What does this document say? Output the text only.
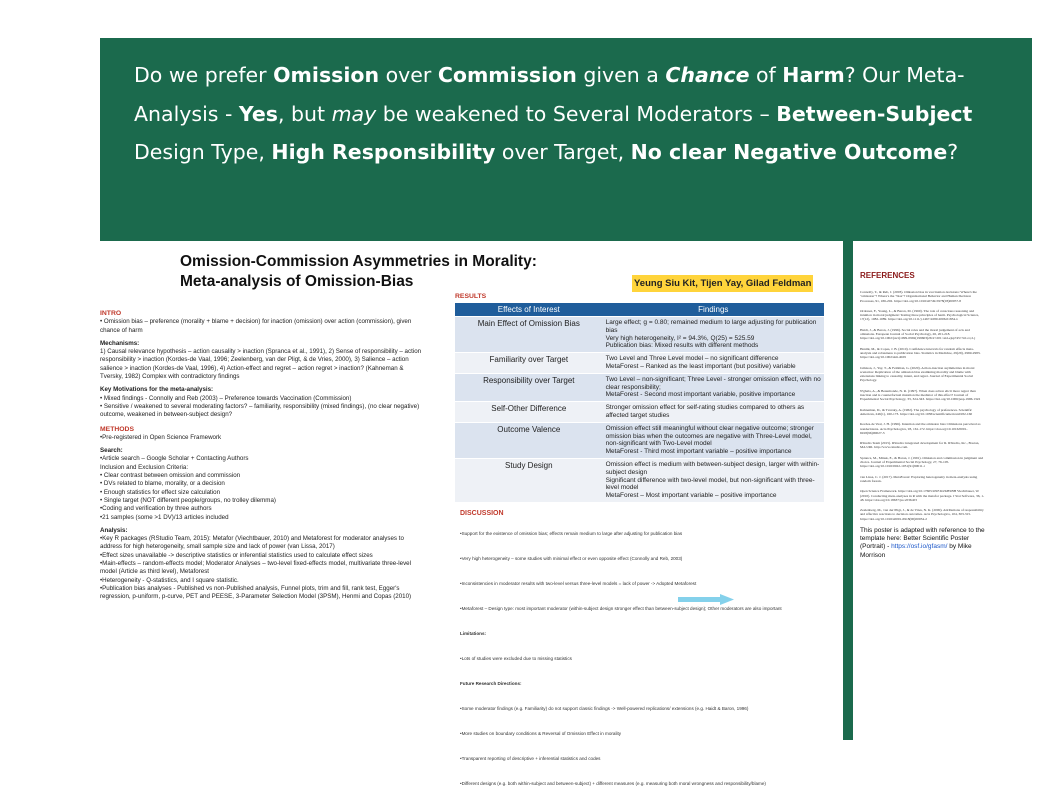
Do we prefer Omission over Commission given a Chance of Harm? Our Meta-Analysis - Yes, but may be weakened to Several Moderators – Between-Subject Design Type, High Responsibility over Target, No clear Negative Outcome?
Omission-Commission Asymmetries in Morality:
Meta-analysis of Omission-Bias	Yeung Siu Kit, Tijen Yay, Gilad Feldman
INTRO

• Omission bias – preference (morality + blame + decision) for inaction (omission) over action (commission), given chance of harm

Mechanisms:

1) Causal relevance hypothesis – action causality > inaction (Spranca et al., 1991), 2) Sense of responsibility – action responsibility > inaction (Kordes-de Vaal, 1996; Zeelenberg, van der Pligt, & de Vries, 2000), 3) Salience – action salience > inaction (Kordes-de Vaal, 1996), 4) Action-effect and regret – action regret > inaction? (Kahneman & Tversky, 1982) Complex with contradictory findings

Key Motivations for the meta-analysis:

• Mixed findings - Connolly and Reb (2003) – Preference towards Vaccination (Commission)

• Sensitive / weakened to several moderating factors? – familiarity, responsibility (mixed findings), (no clear negative) outcome, weakened in between-subject design?

METHODS

•Pre-registered in Open Science Framework

Search:

•Article search – Google Scholar + Contacting Authors

Inclusion and Exclusion Criteria:

• Clear contrast between omission and commission

• DVs related to blame, morality, or a decision

• Enough statistics for effect size calculation

• Single target (NOT different people/groups, no trolley dilemma)

•Coding and verification by three authors

•21 samples (some >1 DV)/13 articles included

Analysis:

•Key R packages (RStudio Team, 2015): Metafor (Viechtbauer, 2010) and Metaforest for moderator analyses to address for high heterogeneity, small sample size and lack of power (van Lissa, 2017)

•Effect sizes unavailable -> descriptive statistics or inferential statistics used to calculate effect sizes

•Main-effects – random-effects model; Moderator Analyses – two-level fixed-effects model, multivariate three-level model (Article as third level), Metaforest

•Heterogeneity - Q-statistics, and I square statistic.

•Publication bias analyses - Published vs non-Published analysis, Funnel plots, trim and fill, rank test, Egger's regression, p-uniform, p-curve, PET and PEESE, 3-Parameter Selection Model (3PSM), Henmi and Copas (2010)

RESULTS
Effects of Interest	Findings
Main Effect of Omission Bias	Large effect; g = 0.80; remained medium to large adjusting for publication bias
Very high heterogeneity, I² = 94.3%, Q(25) = 525.59
Publication bias: Mixed results with different methods
Familiarity over Target	Two Level and Three Level model – no significant difference
MetaForest – Ranked as the least important (but positive) variable
Responsibility over Target	Two Level – non-significant; Three Level - stronger omission effect, with no clear responsibility;
MetaForest - Second most important variable, positive importance
Self-Other Difference	Stronger omission effect for self-rating studies compared to others as affected target studies
Outcome Valence	Omission effect still meaningful without clear negative outcome; stronger omission bias when the outcomes are negative with Three-Level model, non-significant with Two-Level model
MetaForest - Third most important variable – positive importance
Study Design	Omission effect is medium with between-subject design, larger with within-subject design
Significant difference with two-level model, but non-significant with three-level model
MetaForest – Most important variable – positive importance
DISCUSSION
•Support for the existence of omission bias; effects remain medium to large after adjusting for publication bias
•Very high heterogeneity – some studies with minimal effect or even opposite effect (Connolly and Reb, 2003)
•Inconsistencies in moderator results with two-level versus three-level models = lack of power -> Adopted Metaforest
•Metaforest – Design type: most important moderator (within-subject design stronger effect than between-subject design); Other moderators are also important
Limitations:
•Lots of studies were excluded due to missing statistics
Future Research Directions:
•Some moderator findings (e.g. Familiarity) do not support classic findings -> Well-powered replications/ extensions (e.g. Haidt & Baron, 1996)
•More studies on boundary conditions & Reversal of Omission Effect in morality
•Transparent reporting of descriptive + inferential statistics and codes
•Different designs (e.g. both within-subject and between-subject) + different measures (e.g. measuring both moral wrongness and responsibility/blame)
REFERENCES
Connolly, T., & Reb, J. (2003). Omission bias in vaccination decisions: Where's the "omission"? Where's the "bias"? Organizational Behavior and Human Decision Processes, 91, 186-202. https://doi.org/10.1016/s0749-5978(03)00057-8
Ordonez, F., Young, L., & Baron, M. (1960). The role of conscious reasoning and intuition in moral judgment: Testing three principles of harm. Psychological Science, 17(12), 1082-1089. https://doi.org/10.1111/j.1467-9280.2006.01834.x
Haidt, J., & Baron, J. (1996). Social roles and the moral judgement of acts and omissions. European Journal of Social Psychology, 26, 201-218. https://doi.org/10.1002/(sici)1099-0992(199603)26:2<201::aid-ejsp745>3.0.co;2-j
Henmi, M., & Copas, J. B. (2010). Confidence intervals for random effects meta-analysis and robustness to publication bias. Statistics in Medicine, 29(29), 2969-2983. https://doi.org/10.1002/sim.4029
Jamison, J., Yay, T., & Feldman, G. (2020). Action-inaction asymmetries in moral scenarios: Replication of the omission bias examining morality and blame with extensions linking to causality, intent, and regret. Journal of Experimental Social Psychology.
N'ghala, A., & Beaumonde, N. R. (1997). When does action elicit more regret than inaction and is counterfactual mutation the mediator of this effect? Journal of Experimental Social Psychology, 33, 324-343. https://doi.org/10.1006/jesp.1996.1322
Kahneman, D., & Tversky, A. (1982). The psychology of preferences. Scientific American, 246(1), 160-173. https://doi.org/10.1038/scientificamerican0182-160
Kordes-de Vaal, J. H. (1996). Intention and the omission bias: Omissions perceived as nondecisions. Acta Psychologica, 93, 161-172. https://doi.org/10.1016/0001-6918(96)00027-3
RStudio Team (2015). RStudio: integrated development for R. RStudio, Inc., Boston, MA URL http://www.rstudio.com.
Spranca, M., Minsk, E., & Baron, J. (1991). Omission and commission in judgment and choice. Journal of Experimental Social Psychology, 27, 76-105. https://doi.org/10.1016/0022-1031(91)90011-t
van Lissa, C. J. (2017). MetaForest: Exploring heterogeneity in meta-analysis using random forests.
Open Science Framework. https://doi.org/10.17605/OSF.IO/KBSBH Viechtbauer, W. (2010). Conducting meta-analyses in R with the metafor package. J Stat Software, 36, 1-48. https://doi.org/10.18637/jss.v036.i03
Zeelenberg, M., van der Pligt, J., & de Vries, N. K. (2000). Attributions of responsibility and affective reactions to decision outcomes. Acta Psychologica, 104, 303-315. https://doi.org/10.1016/s0001-6918(00)00034-2
This poster is adapted with reference to the template here: Better Scientific Poster (Portrait) - https://osf.io/gfasm/ by Mike Morrison
